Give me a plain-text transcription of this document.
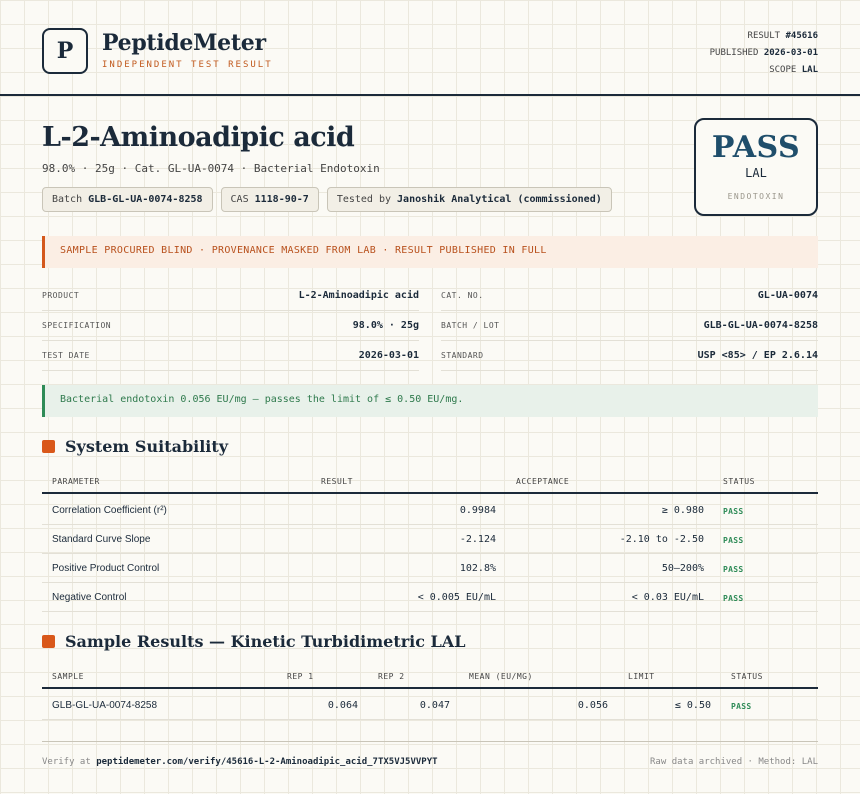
P	PeptideMeter
INDEPENDENT TEST RESULT
RESULT #45616
PUBLISHED 2026-03-01
SCOPE LAL
L-2-Aminoadipic acid
98.0% · 25g · Cat. GL-UA-0074 · Bacterial Endotoxin
Batch GLB-GL-UA-0074-8258	CAS 1118-90-7	Tested by Janoshik Analytical (commissioned)
PASS
LAL
ENDOTOXIN
SAMPLE PROCURED BLIND · PROVENANCE MASKED FROM LAB · RESULT PUBLISHED IN FULL
PRODUCT	L-2-Aminoadipic acid	CAT. NO.	GL-UA-0074
SPECIFICATION	98.0% · 25g	BATCH / LOT	GLB-GL-UA-0074-8258
TEST DATE	2026-03-01	STANDARD	USP <85> / EP 2.6.14
Bacterial endotoxin 0.056 EU/mg — passes the limit of ≤ 0.50 EU/mg.
System Suitability
PARAMETER	RESULT	ACCEPTANCE	STATUS
Correlation Coefficient (r²)	0.9984	≥ 0.980 PASS
Standard Curve Slope	-2.124	-2.10 to -2.50 PASS
Positive Product Control	102.8%	50–200% PASS
Negative Control	< 0.005 EU/mL	< 0.03 EU/mL PASS
Sample Results — Kinetic Turbidimetric LAL
SAMPLE	REP 1	REP 2	MEAN (EU/MG)	LIMIT	STATUS
GLB-GL-UA-0074-8258	0.064	0.047	0.056	≤ 0.50	PASS
Verify at peptidemeter.com/verify/45616-L-2-Aminoadipic_acid_7TX5VJ5VVPYT	Raw data archived · Method: LAL
